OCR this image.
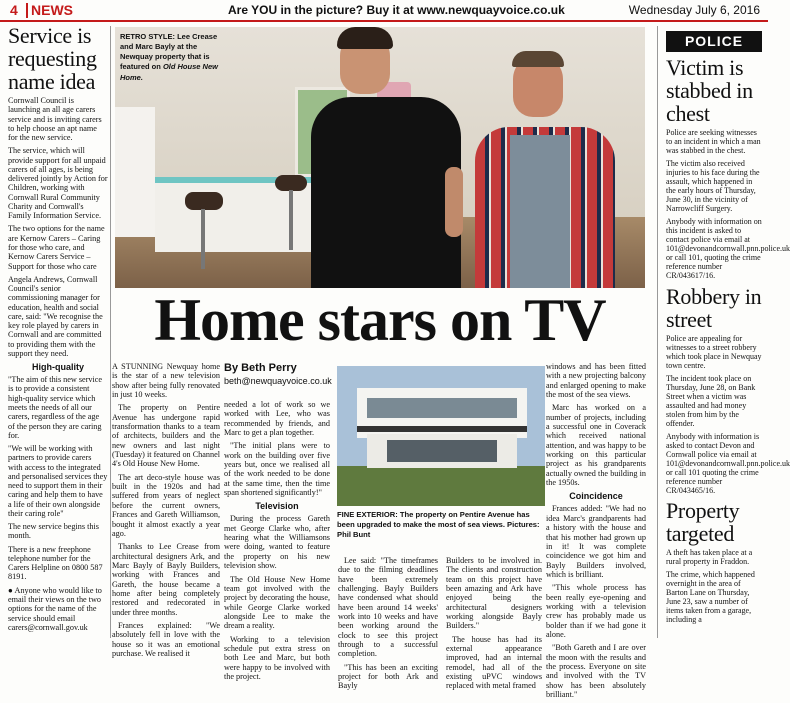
4 NEWS	Are YOU in the picture? Buy it at www.newquayvoice.co.uk	Wednesday July 6, 2016
Service is requesting name idea

Cornwall Council is launching an all age carers service and is inviting carers to help choose an apt name for the new service.

The service, which will provide support for all unpaid carers of all ages, is being delivered jointly by Action for Children, working with Cornwall Rural Community Charity and Cornwall's Family Information Service.

The two options for the name are Kernow Carers – Caring for those who care, and Kernow Carers Service – Support for those who care

Angela Andrews, Cornwall Council's senior commissioning manager for education, health and social care, said: "We recognise the key role played by carers in Cornwall and are committed to providing them with the support they need.

High-quality

"The aim of this new service is to provide a consistent high-quality service which meets the needs of all our carers, regardless of the age of the person they are caring for.

"We will be working with partners to provide carers with access to the integrated and personalised services they need to support them in their caring and help them to have a life of their own alongside their caring role"

The new service begins this month.

There is a new freephone telephone number for the Carers Helpline on 0800 587 8191.

● Anyone who would like to email their views on the two options for the name of the service should email carers@cornwall.gov.uk

RETRO STYLE: Lee Crease and Marc Bayly at the Newquay property that is featured on Old House New Home.
Home stars on TV

A STUNNING Newquay home is the star of a new television show after being fully renovated in just 10 weeks.

The property on Pentire Avenue has undergone rapid transformation thanks to a team of architects, builders and the new owners and last night (Tuesday) it featured on Channel 4's Old House New Home.

The art deco-style house was built in the 1920s and had suffered from years of neglect before the current owners, Frances and Gareth Williamson, bought it almost exactly a year ago.

Thanks to Lee Crease from architectural designers Ark, and Marc Bayly of Bayly Builders, working with Frances and Gareth, the house became a home after being completely restored and redecorated in under three months.

Frances explained: "We absolutely fell in love with the house so it was an emotional purchase. We realised it

By Beth Perry
beth@newquayvoice.co.uk

needed a lot of work so we worked with Lee, who was recommended by friends, and Marc to get a plan together.

"The initial plans were to work on the building over five years but, once we realised all of the work needed to be done at the same time, then the time span shortened significantly!"

Television

During the process Gareth met George Clarke who, after hearing what the Williamsons were doing, wanted to feature the property on his new television show.

The Old House New Home team got involved with the project by decorating the house, while George Clarke worked alongside Lee to make the dream a reality.

Working to a television schedule put extra stress on both Lee and Marc, but both were happy to be involved with the project.

FINE EXTERIOR: The property on Pentire Avenue has been upgraded to make the most of sea views. Pictures: Phil Bunt

Lee said: "The timeframes due to the filming deadlines have been extremely challenging. Bayly Builders have condensed what should have been around 14 weeks' work into 10 weeks and have been working around the clock to see this project through to a successful completion.

"This has been an exciting project for both Ark and Bayly

Builders to be involved in. The clients and construction team on this project have been amazing and Ark have enjoyed being the architectural designers working alongside Bayly Builders."

The house has had its external appearance improved, had an internal remodel, had all of the existing uPVC windows replaced with metal framed

windows and has been fitted with a new projecting balcony and enlarged opening to make the most of the sea views.

Marc has worked on a number of projects, including a successful one in Coverack which received national attention, and was happy to be working on this particular project as his grandparents actually owned the building in the 1950s.

Coincidence

Frances added: "We had no idea Marc's grandparents had a history with the house and that his mother had grown up in it! It was complete coincidence we got him and Bayly Builders involved, which is brilliant.

"This whole process has been really eye-opening and working with a television crew has probably made us bolder than if we had gone it alone.

"Both Gareth and I are over the moon with the results and the process. Everyone on site and involved with the TV show has been absolutely brilliant."

POLICE
Victim is stabbed in chest

Police are seeking witnesses to an incident in which a man was stabbed in the chest.

The victim also received injuries to his face during the assault, which happened in the early hours of Thursday, June 30, in the vicinity of Narrowcliff Surgery.

Anybody with information on this incident is asked to contact police via email at 101@devonandcornwall.pnn.police.uk or call 101, quoting the crime reference number CR/043617/16.

Robbery in street

Police are appealing for witnesses to a street robbery which took place in Newquay town centre.

The incident took place on Thursday, June 28, on Bank Street when a victim was assaulted and had money stolen from him by the offender.

Anybody with information is asked to contact Devon and Cornwall police via email at 101@devonandcornwall.pnn.police.uk or call 101 quoting the crime reference number CR/043465/16.

Property targeted

A theft has taken place at a rural property in Fraddon.

The crime, which happened overnight in the area of Barton Lane on Thursday, June 23, saw a number of items taken from a garage, including a
